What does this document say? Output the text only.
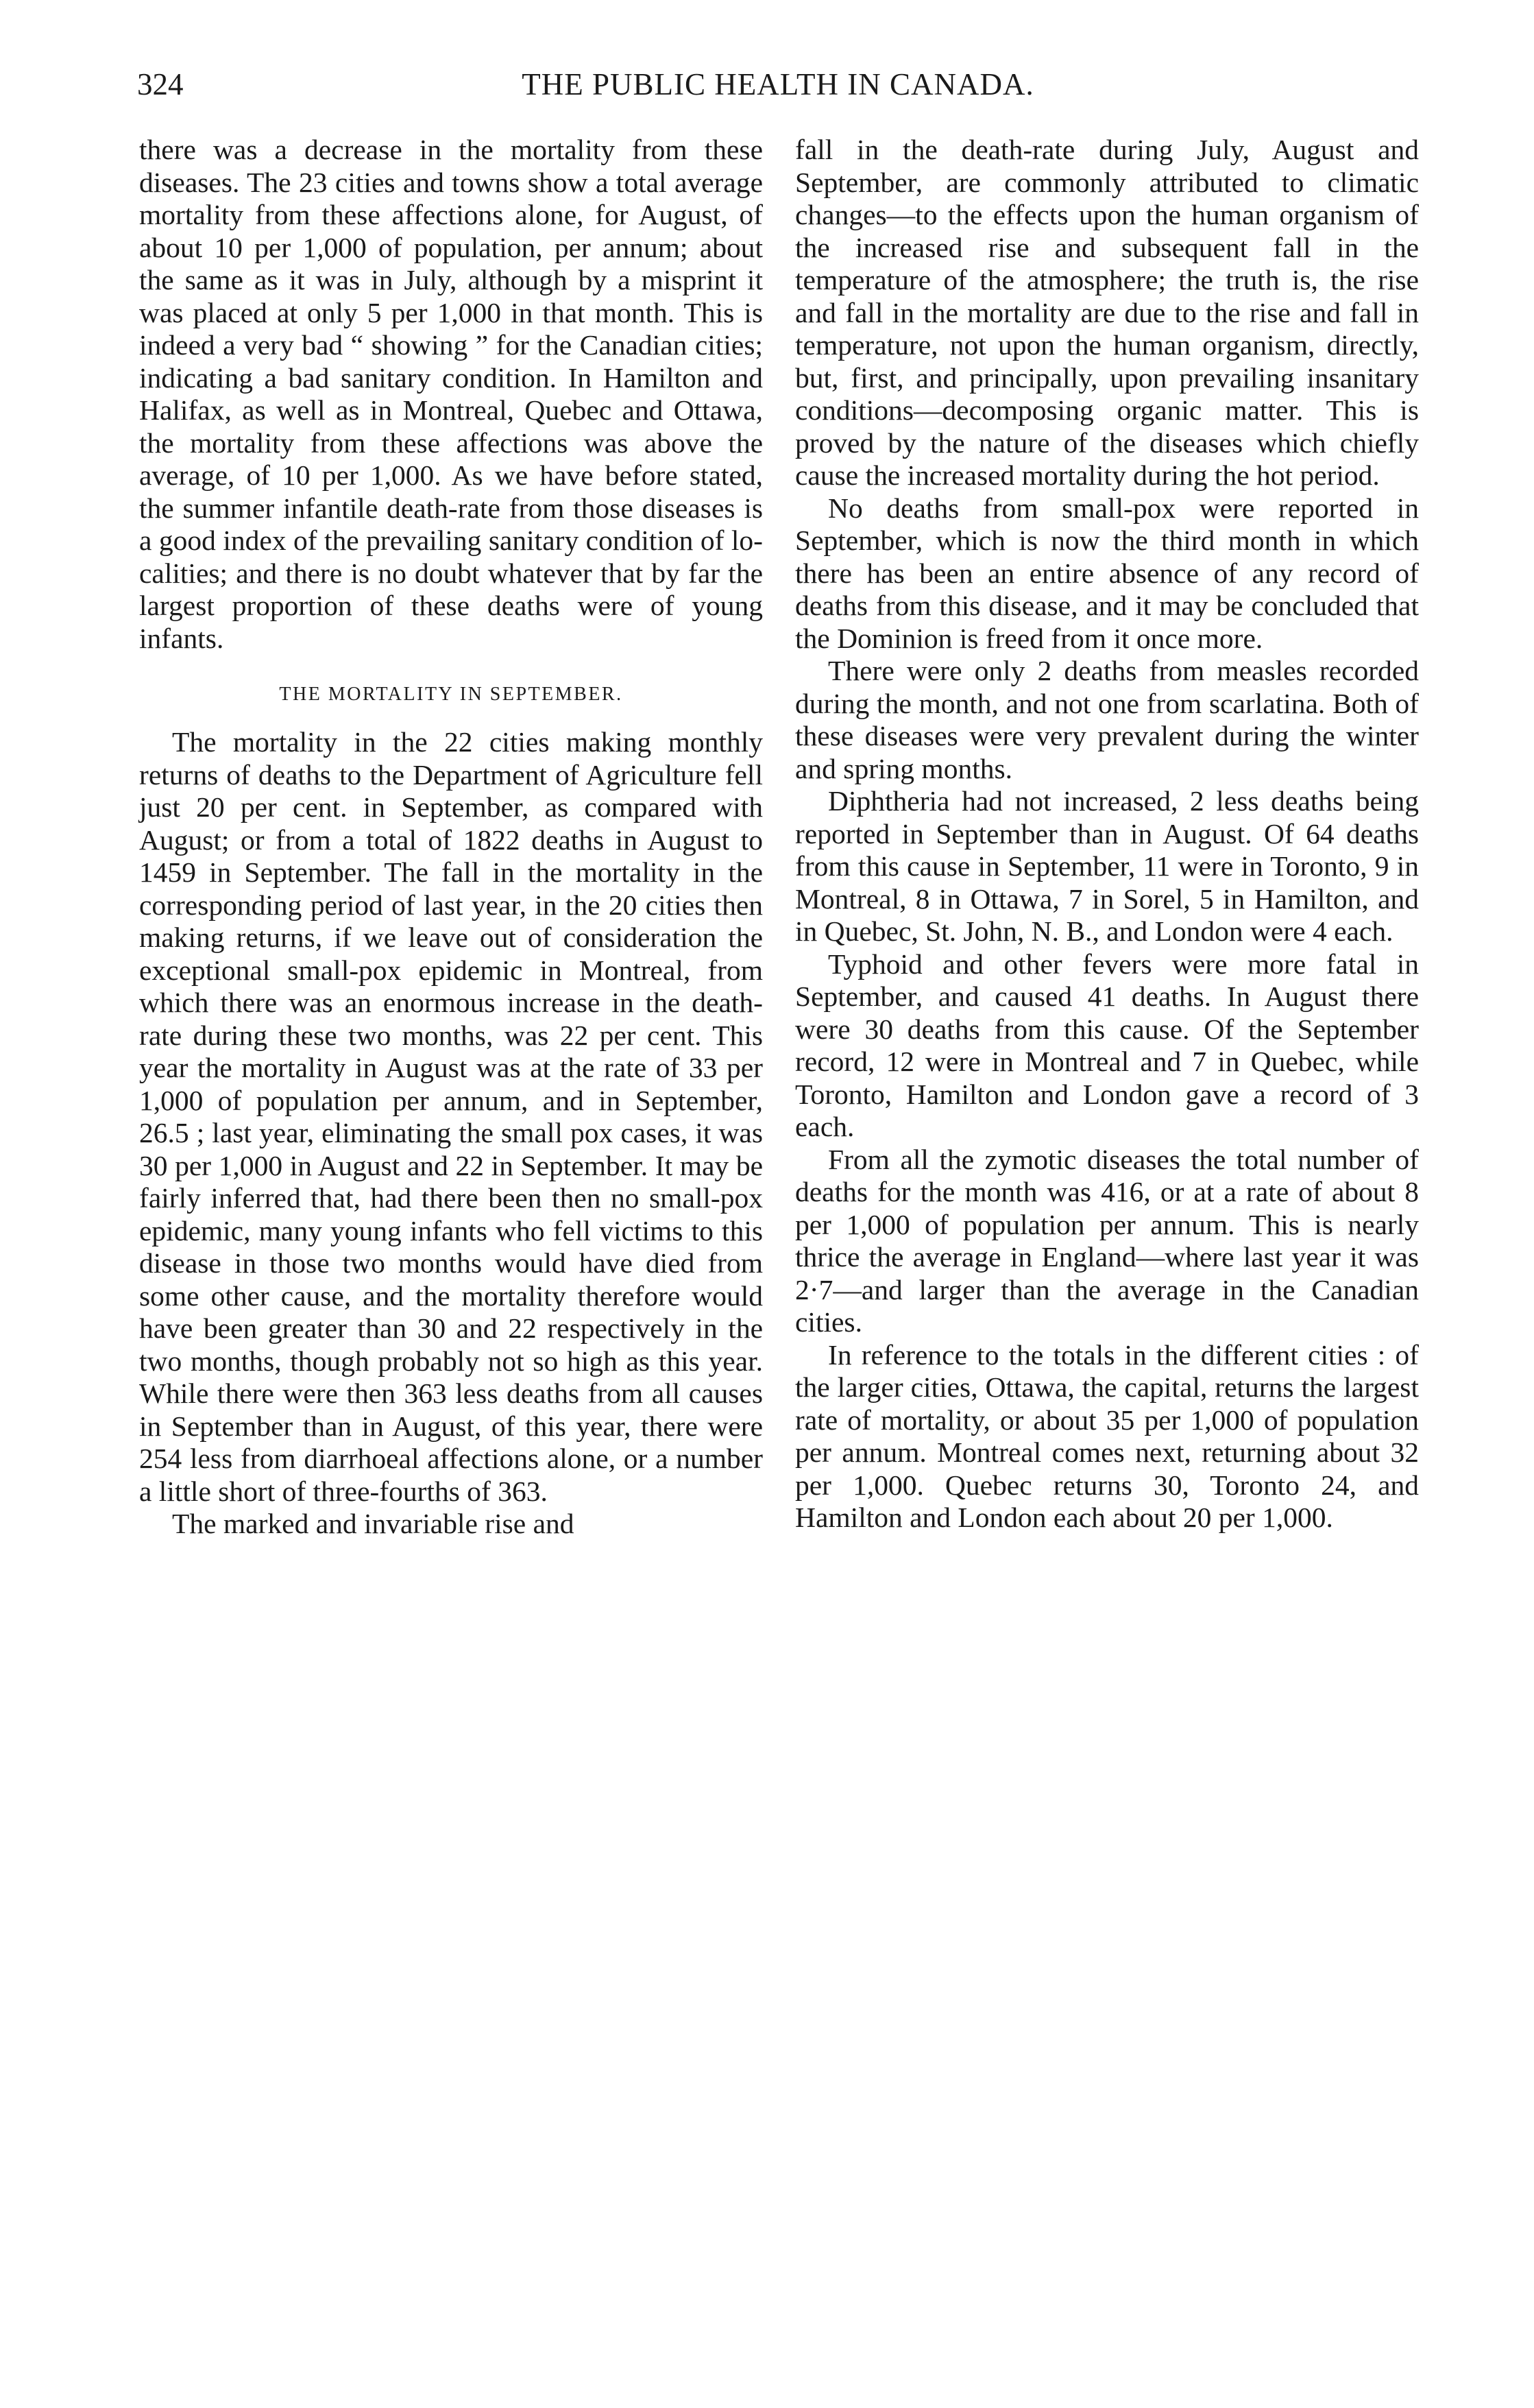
324	THE PUBLIC HEALTH IN CANADA.

there was a decrease in the mortality from these diseases. The 23 cities and towns show a total average mortality from these affections alone, for August, of about 10 per 1,000 of population, per annum; about the same as it was in July, although by a misprint it was placed at only 5 per 1,000 in that month. This is indeed a very bad “ showing ” for the Canadian cities; indicating a bad sanitary condition. In Hamilton and Halifax, as well as in Montreal, Quebec and Ottawa, the mortality from these affections was above the average, of 10 per 1,000. As we have before stated, the summer infantile death-rate from those diseases is a good index of the prevailing sanitary condition of localities; and there is no doubt whatever that by far the largest proportion of these deaths were of young infants.

THE MORTALITY IN SEPTEMBER.

The mortality in the 22 cities making monthly returns of deaths to the Department of Agriculture fell just 20 per cent. in September, as compared with August; or from a total of 1822 deaths in August to 1459 in September. The fall in the mortality in the corresponding period of last year, in the 20 cities then making returns, if we leave out of consideration the exceptional small-pox epidemic in Montreal, from which there was an enormous increase in the death-rate during these two months, was 22 per cent. This year the mortality in August was at the rate of 33 per 1,000 of population per annum, and in September, 26.5 ; last year, eliminating the small pox cases, it was 30 per 1,000 in August and 22 in September. It may be fairly inferred that, had there been then no small-pox epidemic, many young infants who fell victims to this disease in those two months would have died from some other cause, and the mortality therefore would have been greater than 30 and 22 respectively in the two months, though probably not so high as this year. While there were then 363 less deaths from all causes in September than in August, of this year, there were 254 less from diarrhoeal affections alone, or a number a little short of three-fourths of 363.

The marked and invariable rise and

fall in the death-rate during July, August and September, are commonly attributed to climatic changes—to the effects upon the human organism of the increased rise and subsequent fall in the temperature of the atmosphere; the truth is, the rise and fall in the mortality are due to the rise and fall in temperature, not upon the human organism, directly, but, first, and principally, upon prevailing insanitary conditions—decomposing organic matter. This is proved by the nature of the diseases which chiefly cause the increased mortality during the hot period.

No deaths from small-pox were reported in September, which is now the third month in which there has been an entire absence of any record of deaths from this disease, and it may be concluded that the Dominion is freed from it once more.

There were only 2 deaths from measles recorded during the month, and not one from scarlatina. Both of these diseases were very prevalent during the winter and spring months.

Diphtheria had not increased, 2 less deaths being reported in September than in August. Of 64 deaths from this cause in September, 11 were in Toronto, 9 in Montreal, 8 in Ottawa, 7 in Sorel, 5 in Hamilton, and in Quebec, St. John, N. B., and London were 4 each.

Typhoid and other fevers were more fatal in September, and caused 41 deaths. In August there were 30 deaths from this cause. Of the September record, 12 were in Montreal and 7 in Quebec, while Toronto, Hamilton and London gave a record of 3 each.

From all the zymotic diseases the total number of deaths for the month was 416, or at a rate of about 8 per 1,000 of population per annum. This is nearly thrice the average in England—where last year it was 2·7—and larger than the average in the Canadian cities.

In reference to the totals in the different cities : of the larger cities, Ottawa, the capital, returns the largest rate of mortality, or about 35 per 1,000 of population per annum. Montreal comes next, returning about 32 per 1,000. Quebec returns 30, Toronto 24, and Hamilton and London each about 20 per 1,000.
